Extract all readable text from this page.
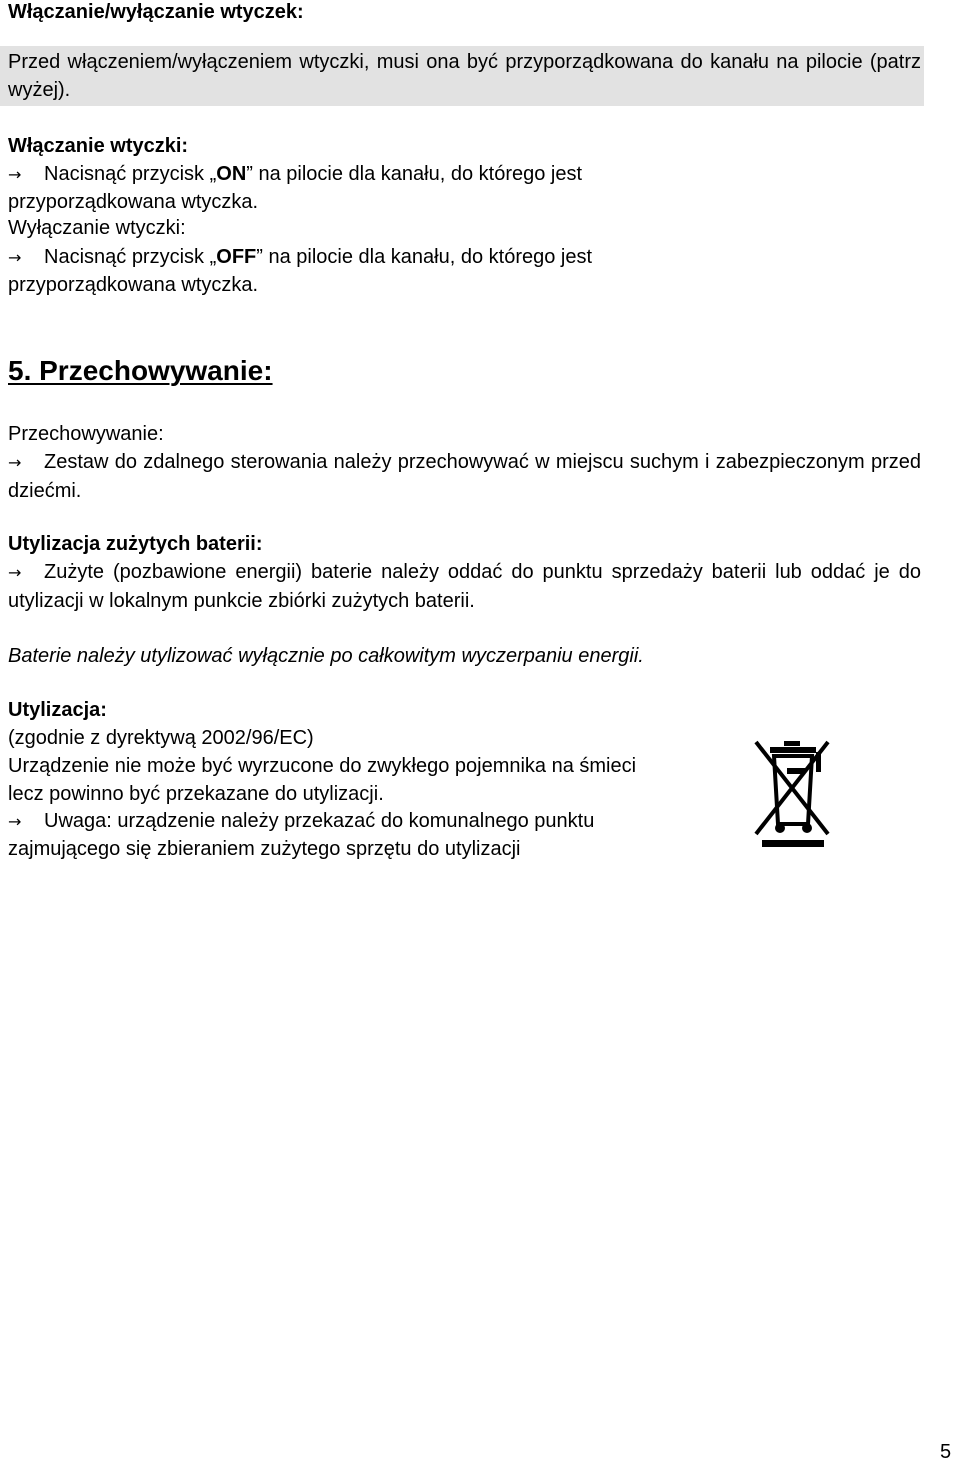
Włączanie/wyłączanie wtyczek:
Przed włączeniem/wyłączeniem wtyczki, musi ona być przyporządkowana do kanału na pilocie (patrz wyżej).
Włączanie wtyczki:
→ Nacisnąć przycisk „ON” na pilocie dla kanału, do którego jest
przyporządkowana wtyczka.
Wyłączanie wtyczki:
→ Nacisnąć przycisk „OFF” na pilocie dla kanału, do którego jest
przyporządkowana wtyczka.
5. Przechowywanie:
Przechowywanie:
→ Zestaw do zdalnego sterowania należy przechowywać w miejscu suchym i zabezpieczonym przed dziećmi.
Utylizacja zużytych baterii:
→ Zużyte (pozbawione energii) baterie należy oddać do punktu sprzedaży baterii lub oddać je do utylizacji w lokalnym punkcie zbiórki zużytych baterii.
Baterie należy utylizować wyłącznie po całkowitym wyczerpaniu energii.
Utylizacja:
(zgodnie z dyrektywą 2002/96/EC)
Urządzenie nie może być wyrzucone do zwykłego pojemnika na śmieci
lecz powinno być przekazane do utylizacji.
→ Uwaga: urządzenie należy przekazać do komunalnego punktu
zajmującego się zbieraniem zużytego sprzętu do utylizacji
5
